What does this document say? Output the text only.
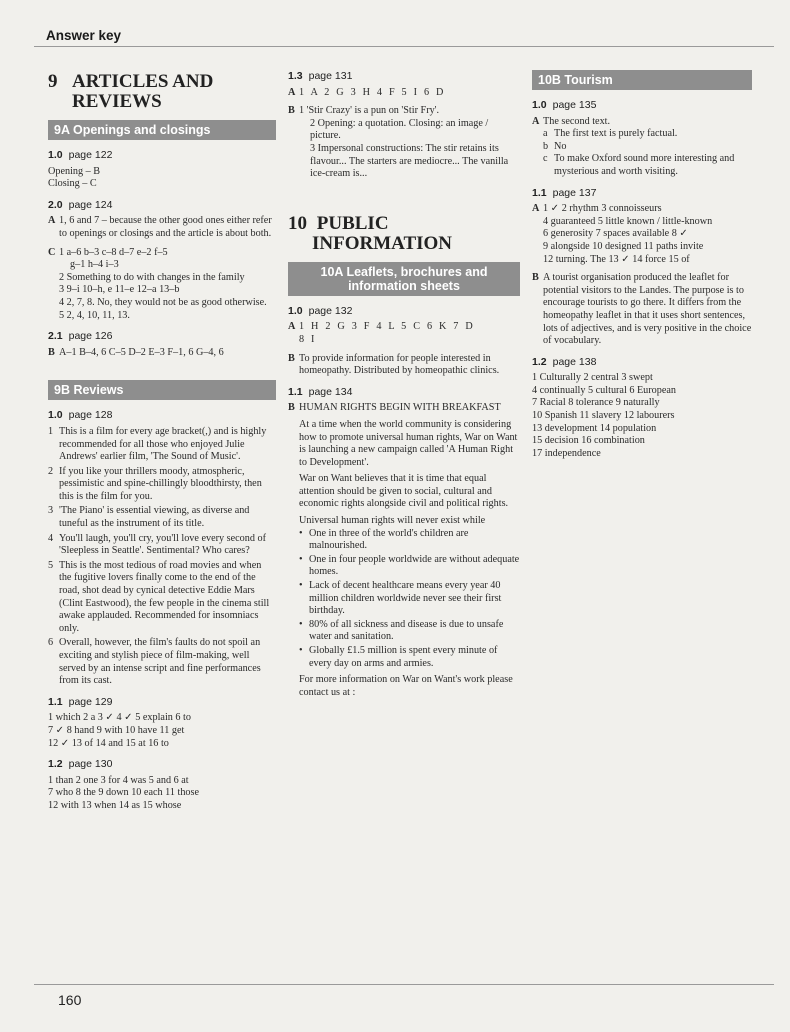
Answer key
9 ARTICLES AND
REVIEWS
9A Openings and closings
1.0 page 122
Opening – B
Closing – C
2.0 page 124
A 1, 6 and 7 – because the other good ones either refer to openings or closings and the article is about both.
C 1 a–6 b–3 c–8 d–7 e–2 f–5
g–1 h–4 i–3
2 Something to do with changes in the family
3 9–i 10–h, e 11–e 12–a 13–b
4 2, 7, 8. No, they would not be as good otherwise.
5 2, 4, 10, 11, 13.
2.1 page 126
B A–1 B–4, 6 C–5 D–2 E–3 F–1, 6 G–4, 6
9B Reviews
1.0 page 128
1 This is a film for every age bracket(,) and is highly recommended for all those who enjoyed Julie Andrews' earlier film, 'The Sound of Music'.
2 If you like your thrillers moody, atmospheric, pessimistic and spine-chillingly bloodthirsty, then this is the film for you.
3 'The Piano' is essential viewing, as diverse and tuneful as the instrument of its title.
4 You'll laugh, you'll cry, you'll love every second of 'Sleepless in Seattle'. Sentimental? Who cares?
5 This is the most tedious of road movies and when the fugitive lovers finally come to the end of the road, shot dead by cynical detective Eddie Mars (Clint Eastwood), the few people in the cinema still awake applauded. Recommended for insomniacs only.
6 Overall, however, the film's faults do not spoil an exciting and stylish piece of film-making, well served by an intense script and fine performances from its cast.
1.1 page 129
1 which 2 a 3 ✓ 4 ✓ 5 explain 6 to
7 ✓ 8 hand 9 with 10 have 11 get
12 ✓ 13 of 14 and 15 at 16 to
1.2 page 130
1 than 2 one 3 for 4 was 5 and 6 at
7 who 8 the 9 down 10 each 11 those
12 with 13 when 14 as 15 whose
1.3 page 131
A 1 A 2 G 3 H 4 F 5 I 6 D
B 1 'Stir Crazy' is a pun on 'Stir Fry'.
2 Opening: a quotation. Closing: an image / picture.
3 Impersonal constructions: The stir retains its flavour... The starters are mediocre... The vanilla ice-cream is...
10 PUBLIC
INFORMATION
10A Leaflets, brochures and
information sheets
1.0 page 132
A 1 H 2 G 3 F 4 L 5 C 6 K 7 D
8 I
B To provide information for people interested in homeopathy. Distributed by homeopathic clinics.
1.1 page 134
B HUMAN RIGHTS BEGIN WITH BREAKFAST
At a time when the world community is considering how to promote universal human rights, War on Want is launching a new campaign called 'A Human Right to Development'.
War on Want believes that it is time that equal attention should be given to social, cultural and economic rights alongside civil and political rights.
Universal human rights will never exist while
• One in three of the world's children are malnourished.
• One in four people worldwide are without adequate homes.
• Lack of decent healthcare means every year 40 million children worldwide never see their first birthday.
• 80% of all sickness and disease is due to unsafe water and sanitation.
• Globally £1.5 million is spent every minute of every day on arms and armies.
For more information on War on Want's work please contact us at :
10B Tourism
1.0 page 135
A The second text.
a The first text is purely factual.
b No
c To make Oxford sound more interesting and mysterious and worth visiting.
1.1 page 137
A 1 ✓ 2 rhythm 3 connoisseurs
4 guaranteed 5 little known / little-known
6 generosity 7 spaces available 8 ✓
9 alongside 10 designed 11 paths invite
12 turning. The 13 ✓ 14 force 15 of
B A tourist organisation produced the leaflet for potential visitors to the Landes. The purpose is to encourage tourists to go there. It differs from the homeopathy leaflet in that it uses short sentences, lots of adjectives, and is very positive in the choice of vocabulary.
1.2 page 138
1 Culturally 2 central 3 swept
4 continually 5 cultural 6 European
7 Racial 8 tolerance 9 naturally
10 Spanish 11 slavery 12 labourers
13 development 14 population
15 decision 16 combination
17 independence
160
